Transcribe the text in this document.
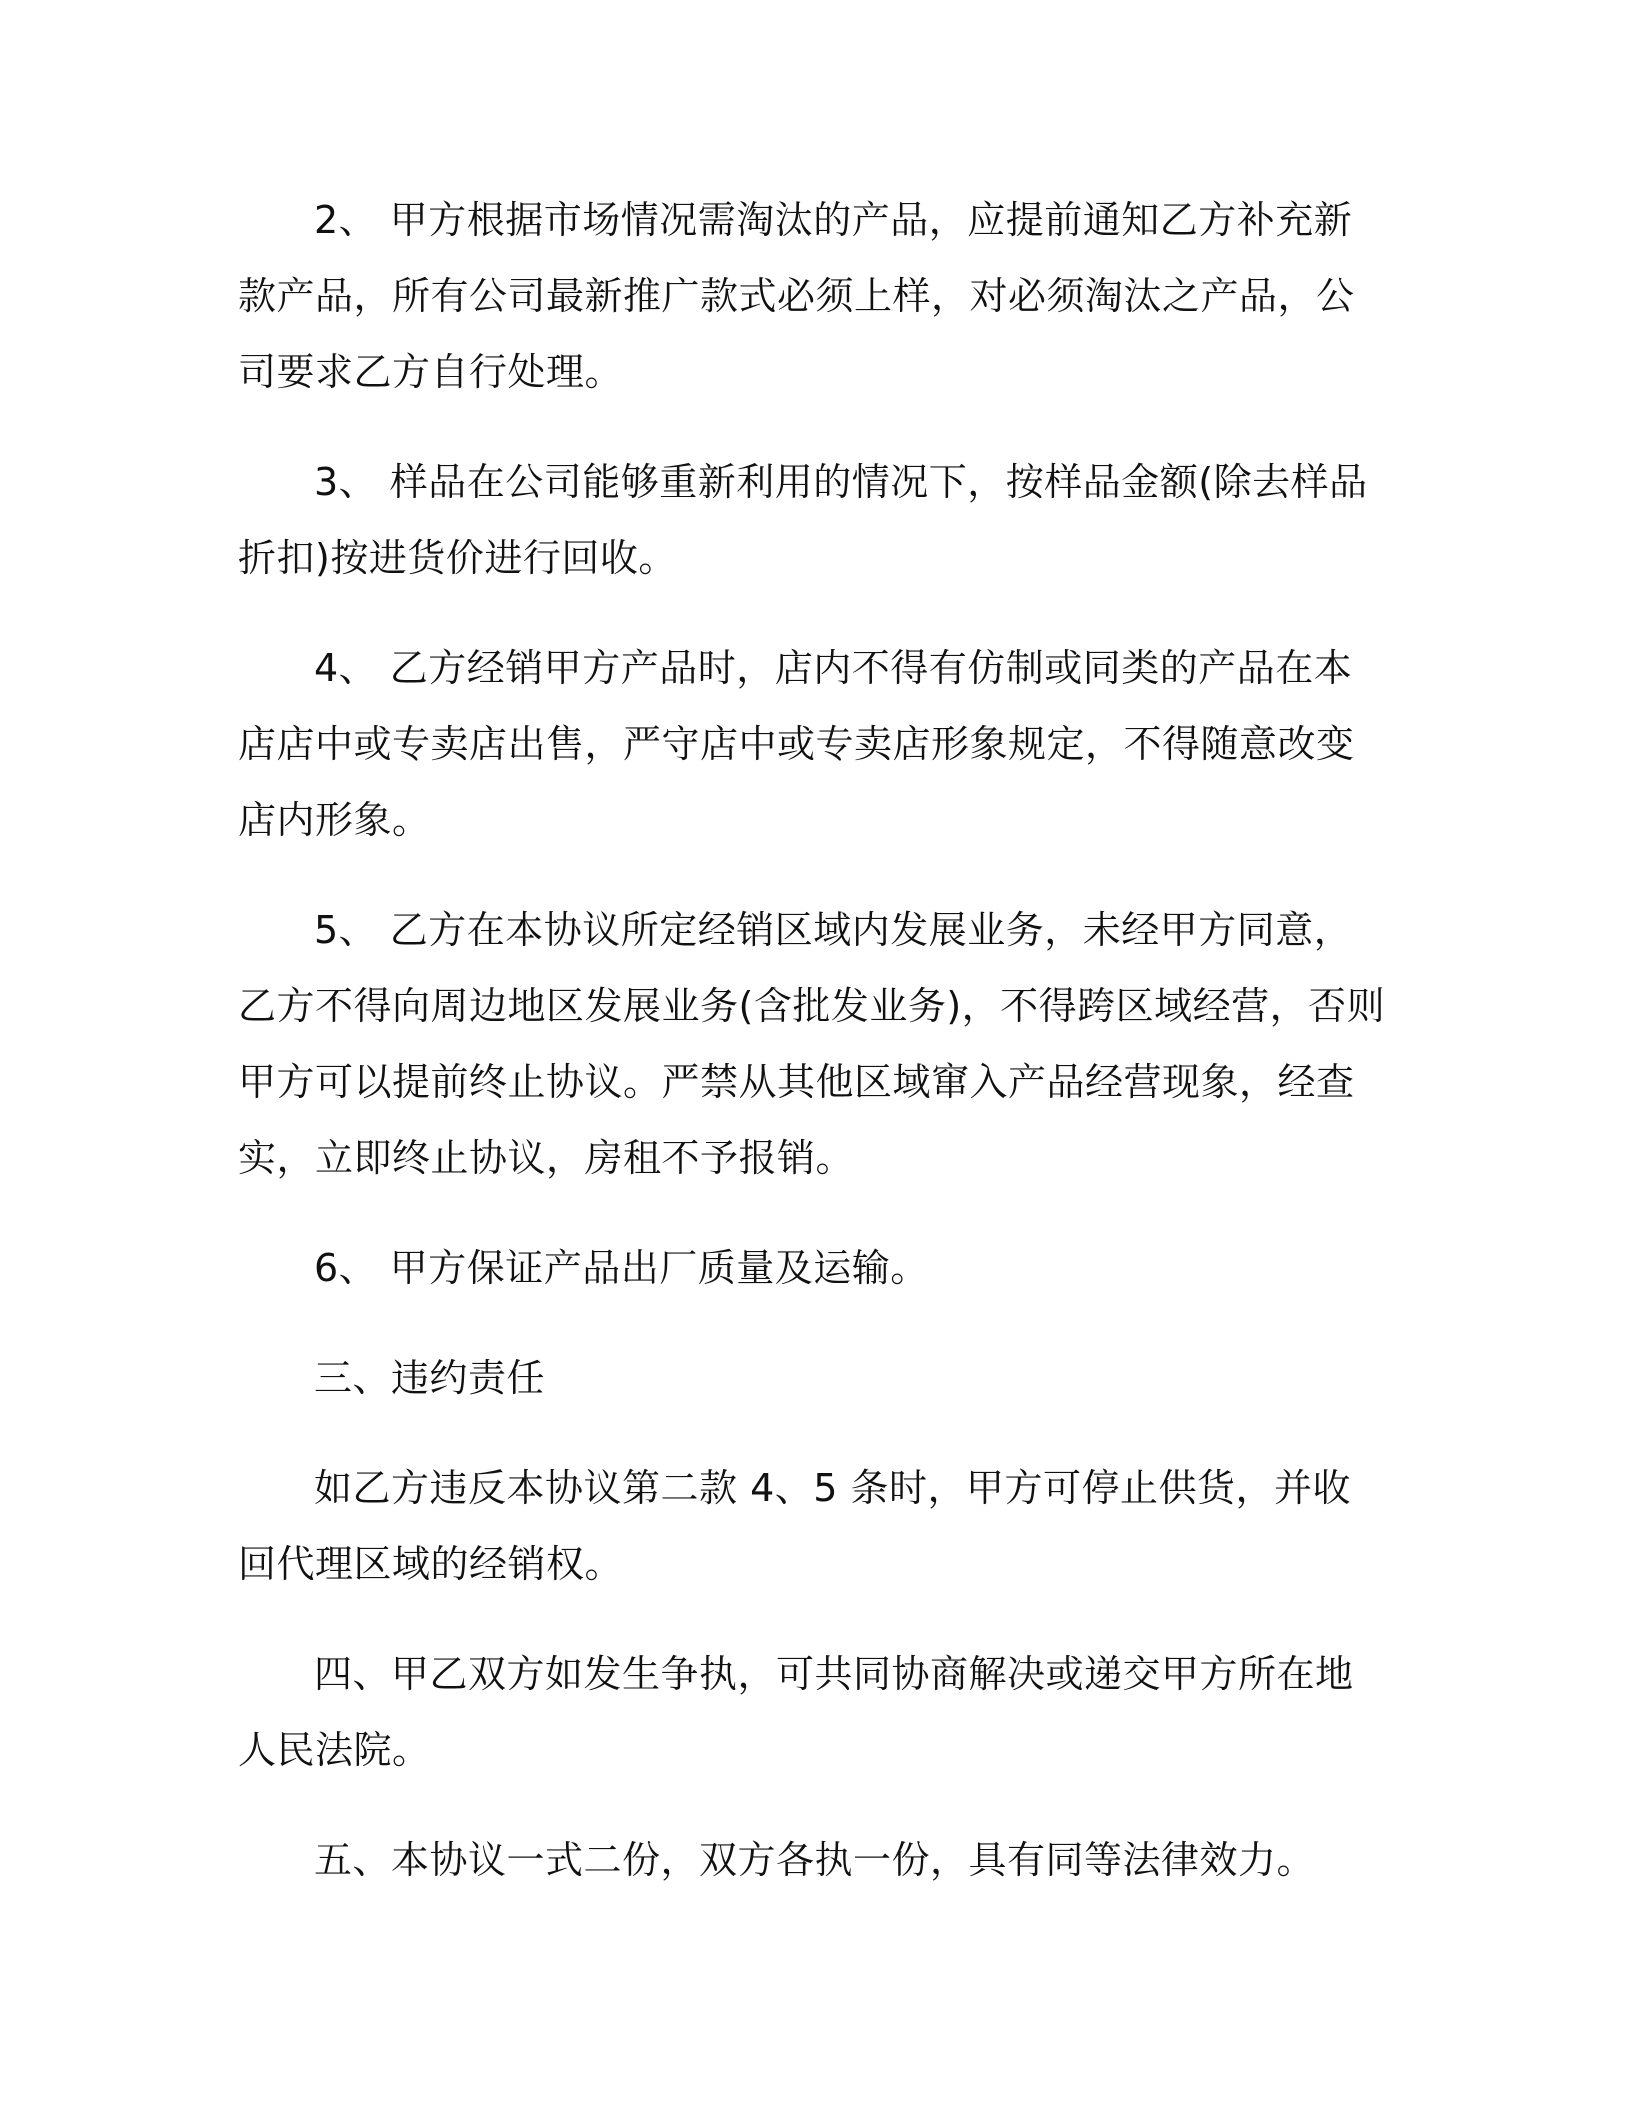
2、 甲方根据市场情况需淘汰的产品，应提前通知乙方补充新款产品，所有公司最新推广款式必须上样，对必须淘汰之产品，公司要求乙方自行处理。

3、 样品在公司能够重新利用的情况下，按样品金额(除去样品折扣)按进货价进行回收。

4、 乙方经销甲方产品时，店内不得有仿制或同类的产品在本店店中或专卖店出售，严守店中或专卖店形象规定，不得随意改变店内形象。

5、 乙方在本协议所定经销区域内发展业务，未经甲方同意，乙方不得向周边地区发展业务(含批发业务)，不得跨区域经营，否则甲方可以提前终止协议。严禁从其他区域窜入产品经营现象，经查实，立即终止协议，房租不予报销。

6、 甲方保证产品出厂质量及运输。

三、违约责任

如乙方违反本协议第二款 4、5 条时，甲方可停止供货，并收回代理区域的经销权。

四、甲乙双方如发生争执，可共同协商解决或递交甲方所在地人民法院。

五、本协议一式二份，双方各执一份，具有同等法律效力。
